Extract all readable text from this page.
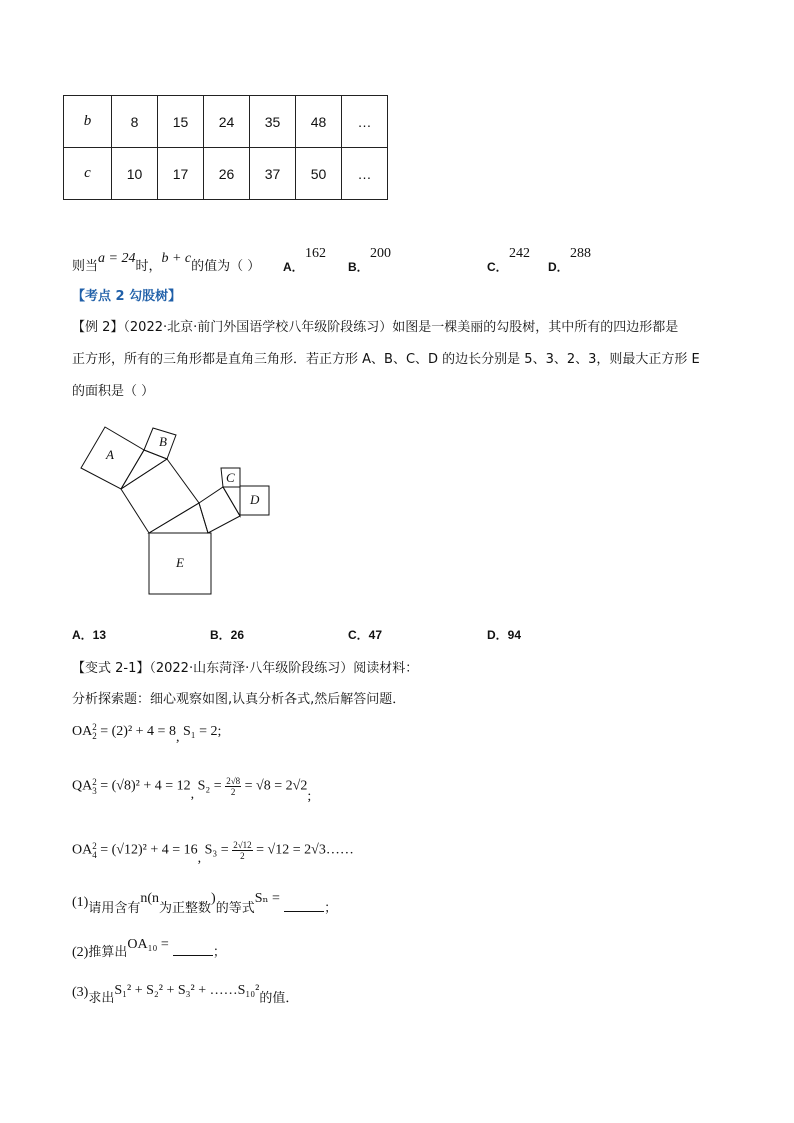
b	8	15	24	35	48	…
c	10	17	26	37	50	…
则当a = 24时，b + c的值为（ ） A．
162
B．
200
C．
242
D．
288
【考点 2 勾股树】
【例 2】（2022·北京·前门外国语学校八年级阶段练习）如图是一棵美丽的勾股树，其中所有的四边形都是
正方形，所有的三角形都是直角三角形．若正方形 A、B、C、D 的边长分别是 5、3、2、3，则最大正方形 E
的面积是（ ）
A
B
C
D
E
A．13	B．26	C．47	D．94
【变式 2-1】（2022·山东菏泽·八年级阶段练习）阅读材料：
分析探索题：细心观察如图,认真分析各式,然后解答问题．
OA 2
2 = (2)² + 4 = 8, S₁ = 2;
QA 2
3 = (√8)² + 4 = 12, $S_2 = \frac{2√8}{2} = √8 = 2√2$;
OA 2
4 = (√12)² + 4 = 16, $S_3 = \frac{2√12}{2} = √12$ = 2√3……
(1)请用含有n(n为正整数)的等式Sₙ = ；
(2)推算出OA₁₀ = ；
(3)求出S₁² + S₂² + S₃² + ……S₁₀²的值．
